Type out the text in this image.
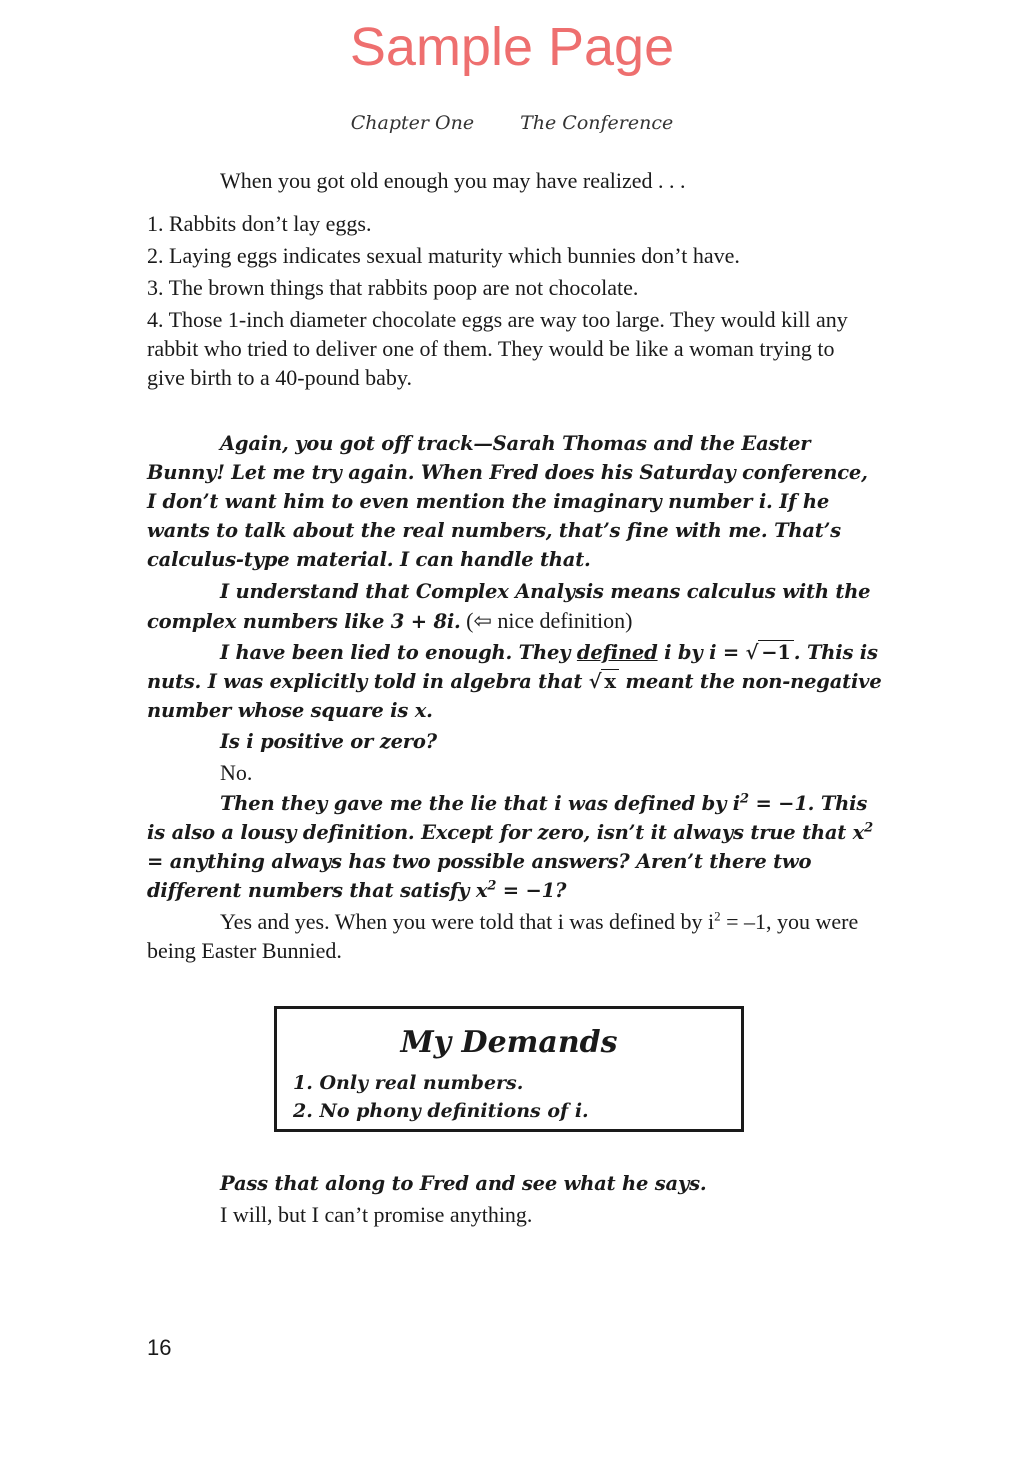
Sample Page
Chapter One The Conference

When you got old enough you may have realized . . .

1. Rabbits don’t lay eggs.
2. Laying eggs indicates sexual maturity which bunnies don’t have.
3. The brown things that rabbits poop are not chocolate.
4. Those 1-inch diameter chocolate eggs are way too large. They would kill any rabbit who tried to deliver one of them. They would be like a woman trying to give birth to a 40-pound baby.

Again, you got off track—Sarah Thomas and the Easter Bunny! Let me try again. When Fred does his Saturday conference, I don’t want him to even mention the imaginary number i. If he wants to talk about the real numbers, that’s fine with me. That’s calculus-type material. I can handle that.

I understand that Complex Analysis means calculus with the complex numbers like 3 + 8i. (⇦ nice definition)

I have been lied to enough. They defined i by i = √ −1 . This is nuts. I was explicitly told in algebra that √ x meant the non-negative number whose square is x.

Is i positive or zero?

No.

Then they gave me the lie that i was defined by $i^2 = -1$. This is also a lousy definition. Except for zero, isn’t it always true that $x^2$ = anything always has two possible answers? Aren’t there two different numbers that satisfy $x^2 = -1$?

Yes and yes. When you were told that i was defined by $i^2 = -1$, you were being Easter Bunnied.

My Demands
1. Only real numbers.
2. No phony definitions of i.

Pass that along to Fred and see what he says.

I will, but I can’t promise anything.

16
